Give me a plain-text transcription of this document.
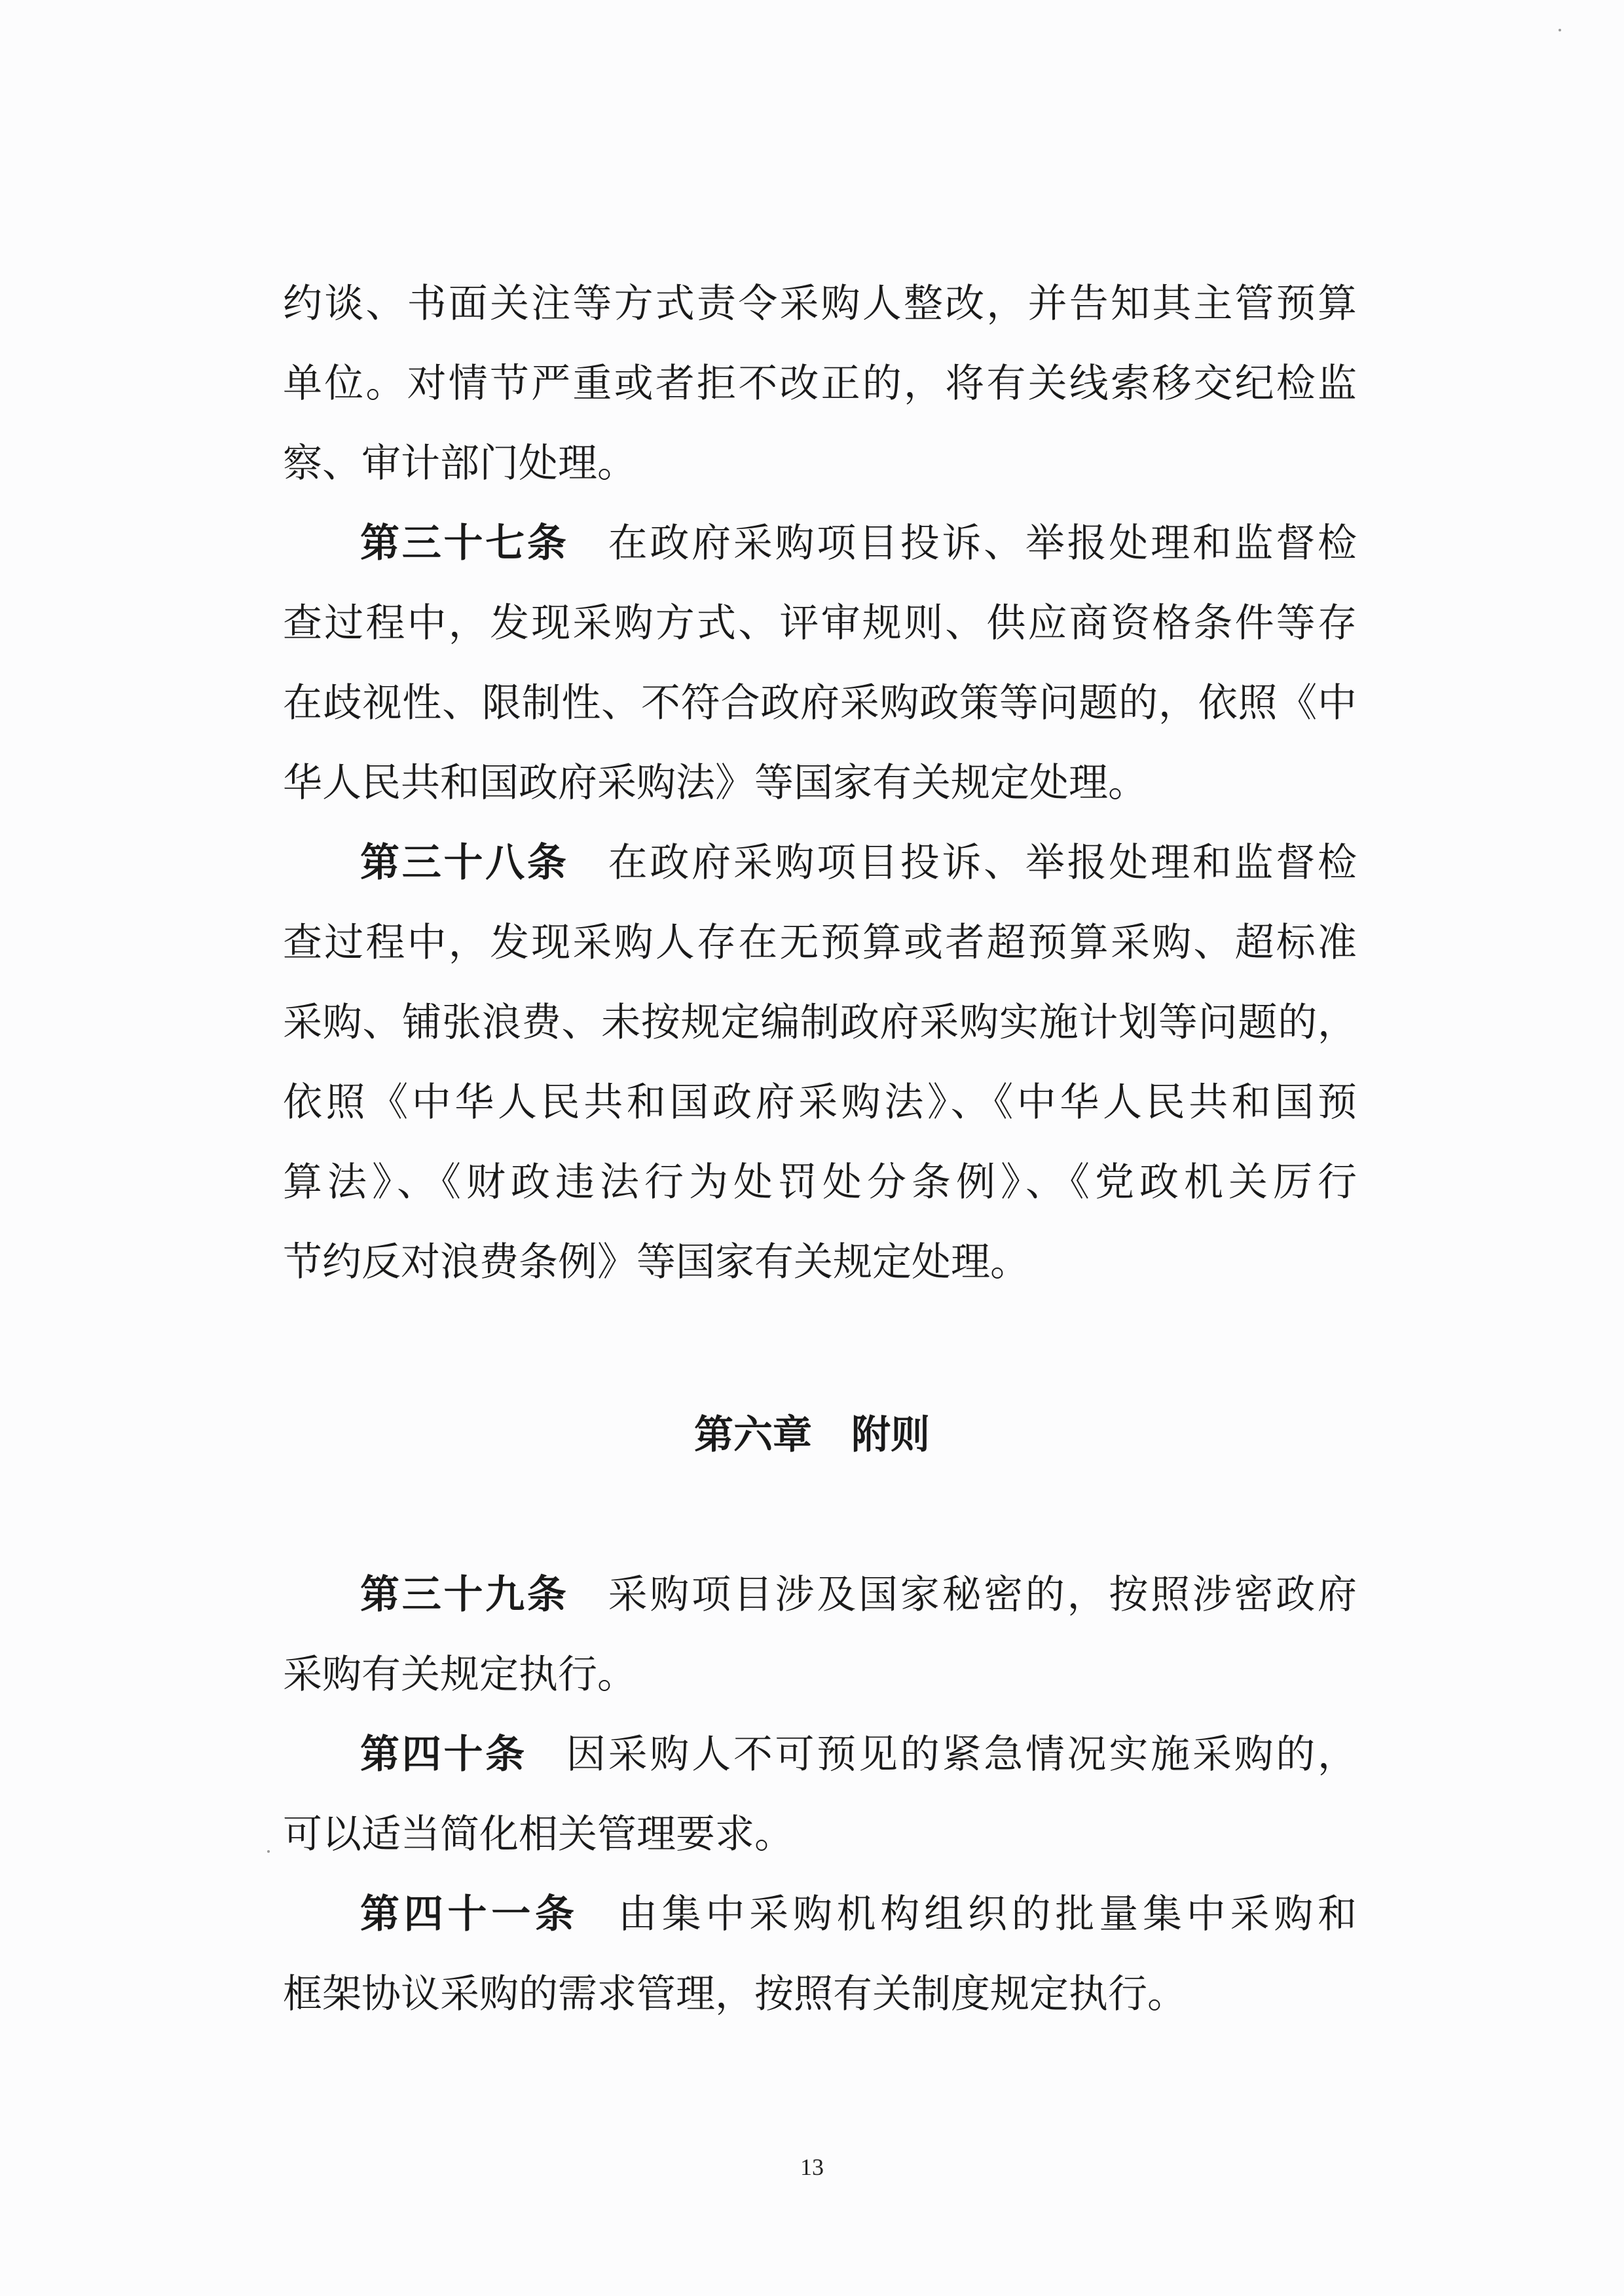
约谈、书面关注等方式责令采购人整改，并告知其主管预算
单位。对情节严重或者拒不改正的，将有关线索移交纪检监
察、审计部门处理。
第三十七条 在政府采购项目投诉、举报处理和监督检
查过程中，发现采购方式、评审规则、供应商资格条件等存
在歧视性、限制性、不符合政府采购政策等问题的，依照《中
华人民共和国政府采购法》等国家有关规定处理。
第三十八条 在政府采购项目投诉、举报处理和监督检
查过程中，发现采购人存在无预算或者超预算采购、超标准
采购、铺张浪费、未按规定编制政府采购实施计划等问题的，
依照《中华人民共和国政府采购法》、《中华人民共和国预
算法》、《财政违法行为处罚处分条例》、《党政机关厉行
节约反对浪费条例》等国家有关规定处理。
第六章 附则
第三十九条 采购项目涉及国家秘密的，按照涉密政府
采购有关规定执行。
第四十条 因采购人不可预见的紧急情况实施采购的，
可以适当简化相关管理要求。
第四十一条 由集中采购机构组织的批量集中采购和
框架协议采购的需求管理，按照有关制度规定执行。
13
